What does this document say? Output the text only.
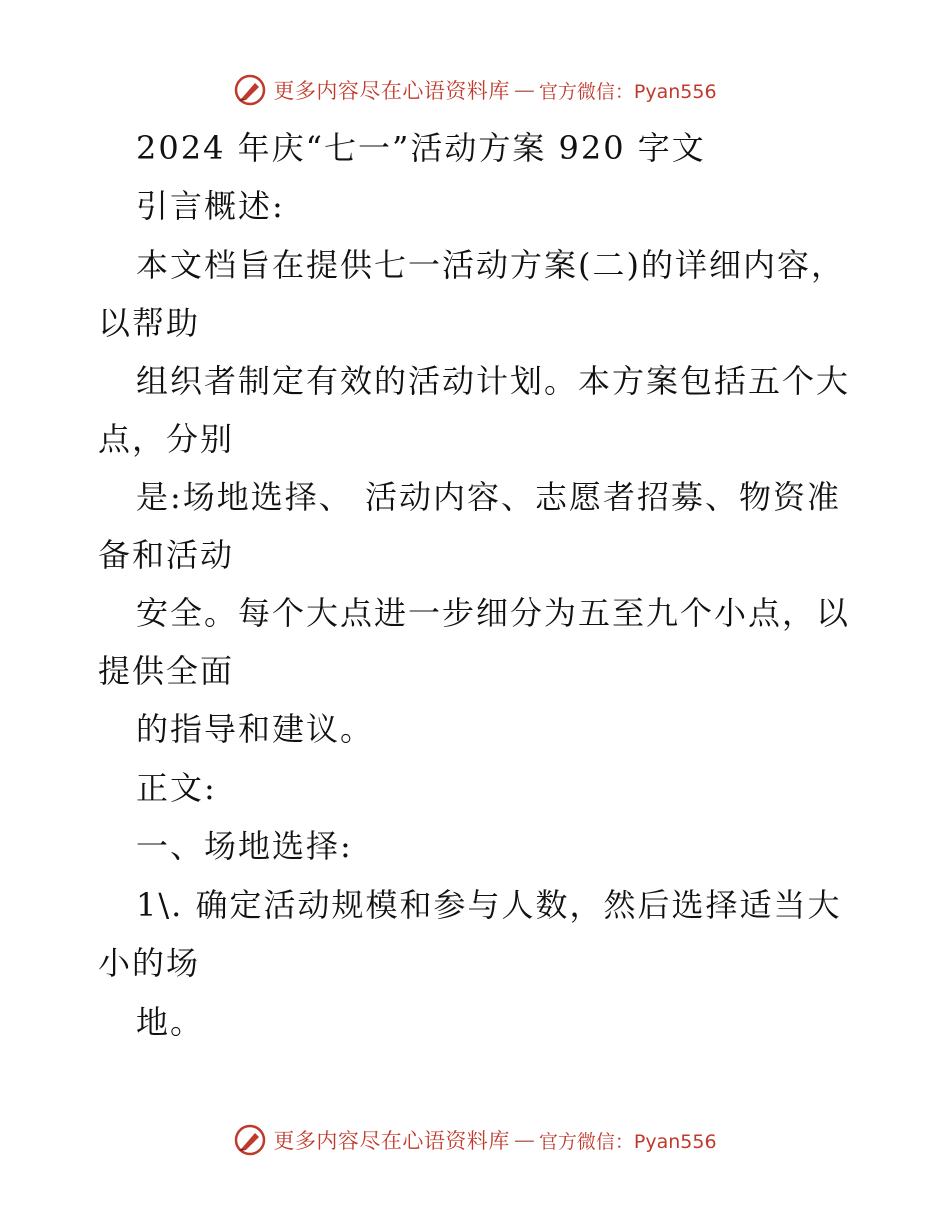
更多内容尽在心语资料库 — 官方微信：Pyan556
2024 年庆“七一”活动方案 920 字文
引言概述:
本文档旨在提供七一活动方案(二)的详细内容，
以帮助
组织者制定有效的活动计划。本方案包括五个大
点，分别
是:场地选择、 活动内容、志愿者招募、物资准
备和活动
安全。每个大点进一步细分为五至九个小点，以
提供全面
的指导和建议。
正文:
一、场地选择:
1\. 确定活动规模和参与人数，然后选择适当大
小的场
地。
更多内容尽在心语资料库 — 官方微信：Pyan556
